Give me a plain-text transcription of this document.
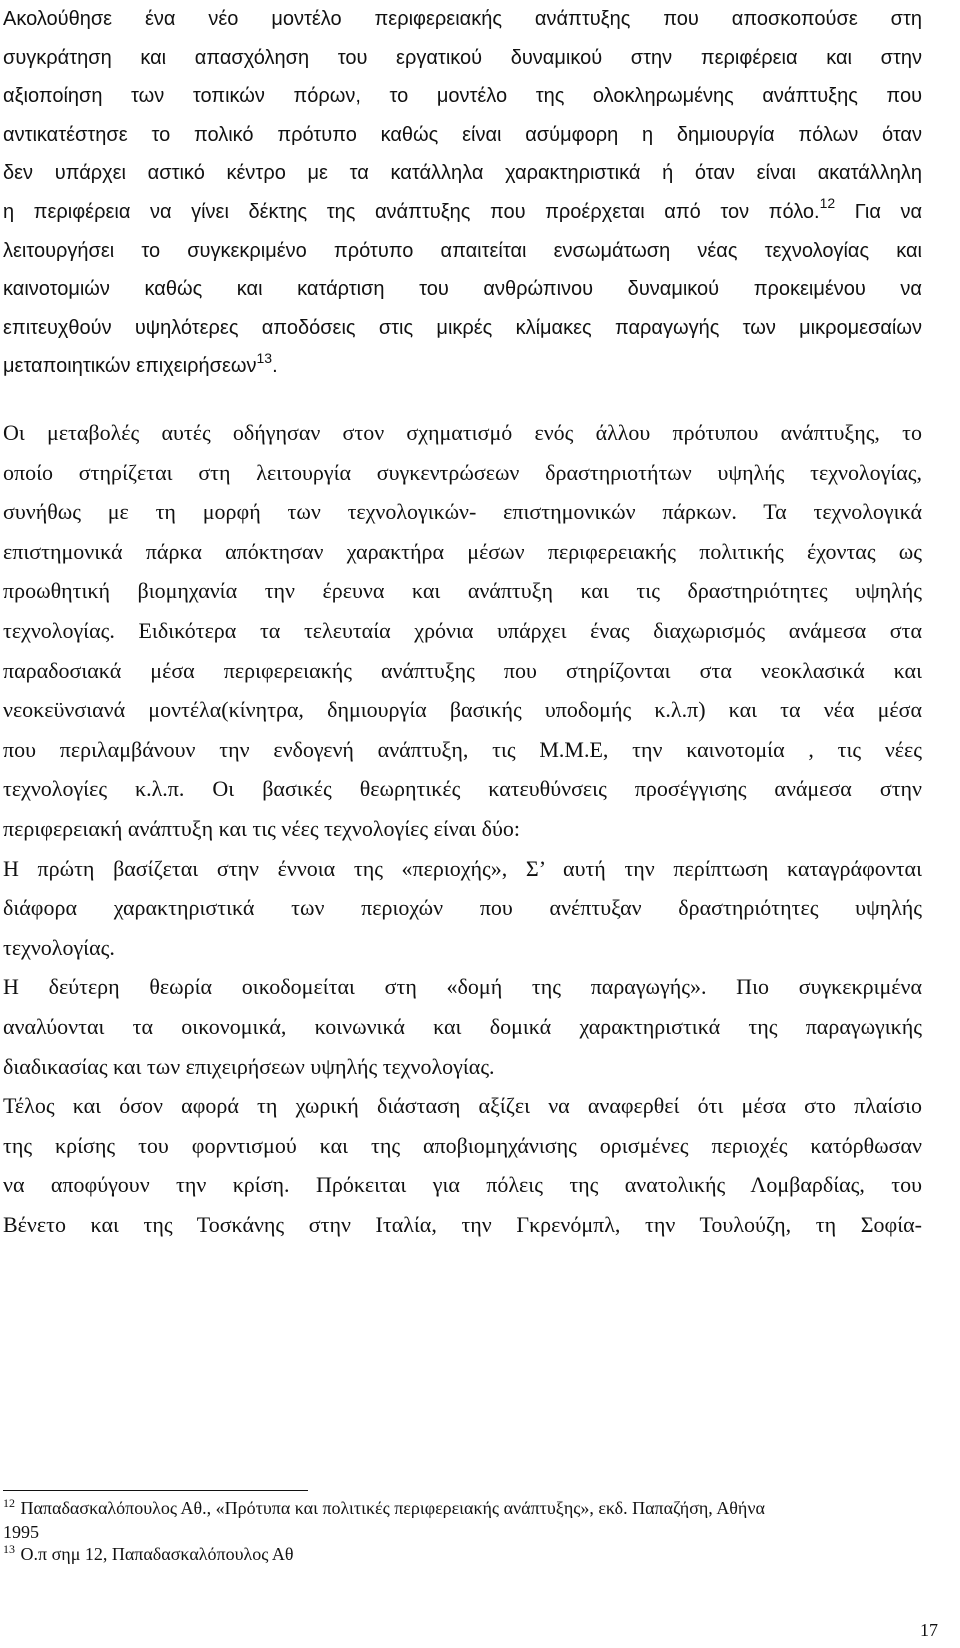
Ακολούθησε ένα νέο μοντέλο περιφερειακής ανάπτυξης που αποσκοπούσε στη
συγκράτηση και απασχόληση του εργατικού δυναμικού στην περιφέρεια και στην
αξιοποίηση των τοπικών πόρων, το μοντέλο της ολοκληρωμένης ανάπτυξης που
αντικατέστησε το πολικό πρότυπο καθώς είναι ασύμφορη η δημιουργία πόλων όταν
δεν υπάρχει αστικό κέντρο με τα κατάλληλα χαρακτηριστικά ή όταν είναι ακατάλληλη
η περιφέρεια να γίνει δέκτης της ανάπτυξης που προέρχεται από τον πόλο.$^{12}$ Για να
λειτουργήσει το συγκεκριμένο πρότυπο απαιτείται ενσωμάτωση νέας τεχνολογίας και
καινοτομιών καθώς και κατάρτιση του ανθρώπινου δυναμικού προκειμένου να
επιτευχθούν υψηλότερες αποδόσεις στις μικρές κλίμακες παραγωγής των μικρομεσαίων
μεταποιητικών επιχειρήσεων$^{13}$.
Οι μεταβολές αυτές οδήγησαν στον σχηματισμό ενός άλλου πρότυπου ανάπτυξης, το
οποίο στηρίζεται στη λειτουργία συγκεντρώσεων δραστηριοτήτων υψηλής τεχνολογίας,
συνήθως με τη μορφή των τεχνολογικών- επιστημονικών πάρκων. Τα τεχνολογικά
επιστημονικά πάρκα απόκτησαν χαρακτήρα μέσων περιφερειακής πολιτικής έχοντας ως
προωθητική βιομηχανία την έρευνα και ανάπτυξη και τις δραστηριότητες υψηλής
τεχνολογίας. Ειδικότερα τα τελευταία χρόνια υπάρχει ένας διαχωρισμός ανάμεσα στα
παραδοσιακά μέσα περιφερειακής ανάπτυξης που στηρίζονται στα νεοκλασικά και
νεοκεϋνσιανά μοντέλα(κίνητρα, δημιουργία βασικής υποδομής κ.λ.π) και τα νέα μέσα
που περιλαμβάνουν την ενδογενή ανάπτυξη, τις Μ.Μ.Ε, την καινοτομία , τις νέες
τεχνολογίες κ.λ.π. Οι βασικές θεωρητικές κατευθύνσεις προσέγγισης ανάμεσα στην
περιφερειακή ανάπτυξη και τις νέες τεχνολογίες είναι δύο:
Η πρώτη βασίζεται στην έννοια της «περιοχής», Σ’ αυτή την περίπτωση καταγράφονται
διάφορα χαρακτηριστικά των περιοχών που ανέπτυξαν δραστηριότητες υψηλής
τεχνολογίας.
Η δεύτερη θεωρία οικοδομείται στη «δομή της παραγωγής». Πιο συγκεκριμένα
αναλύονται τα οικονομικά, κοινωνικά και δομικά χαρακτηριστικά της παραγωγικής
διαδικασίας και των επιχειρήσεων υψηλής τεχνολογίας.
Τέλος και όσον αφορά τη χωρική διάσταση αξίζει να αναφερθεί ότι μέσα στο πλαίσιο
της κρίσης του φορντισμού και της αποβιομηχάνισης ορισμένες περιοχές κατόρθωσαν
να αποφύγουν την κρίση. Πρόκειται για πόλεις της ανατολικής Λομβαρδίας, του
Βένετο και της Τοσκάνης στην Ιταλία, την Γκρενόμπλ, την Τουλούζη, τη Σοφία-
$^{12}$ Παπαδασκαλόπουλος Αθ., «Πρότυπα και πολιτικές περιφερειακής ανάπτυξης», εκδ. Παπαζήση, Αθήνα
1995
$^{13}$ Ο.π σημ 12, Παπαδασκαλόπουλος Αθ
17
